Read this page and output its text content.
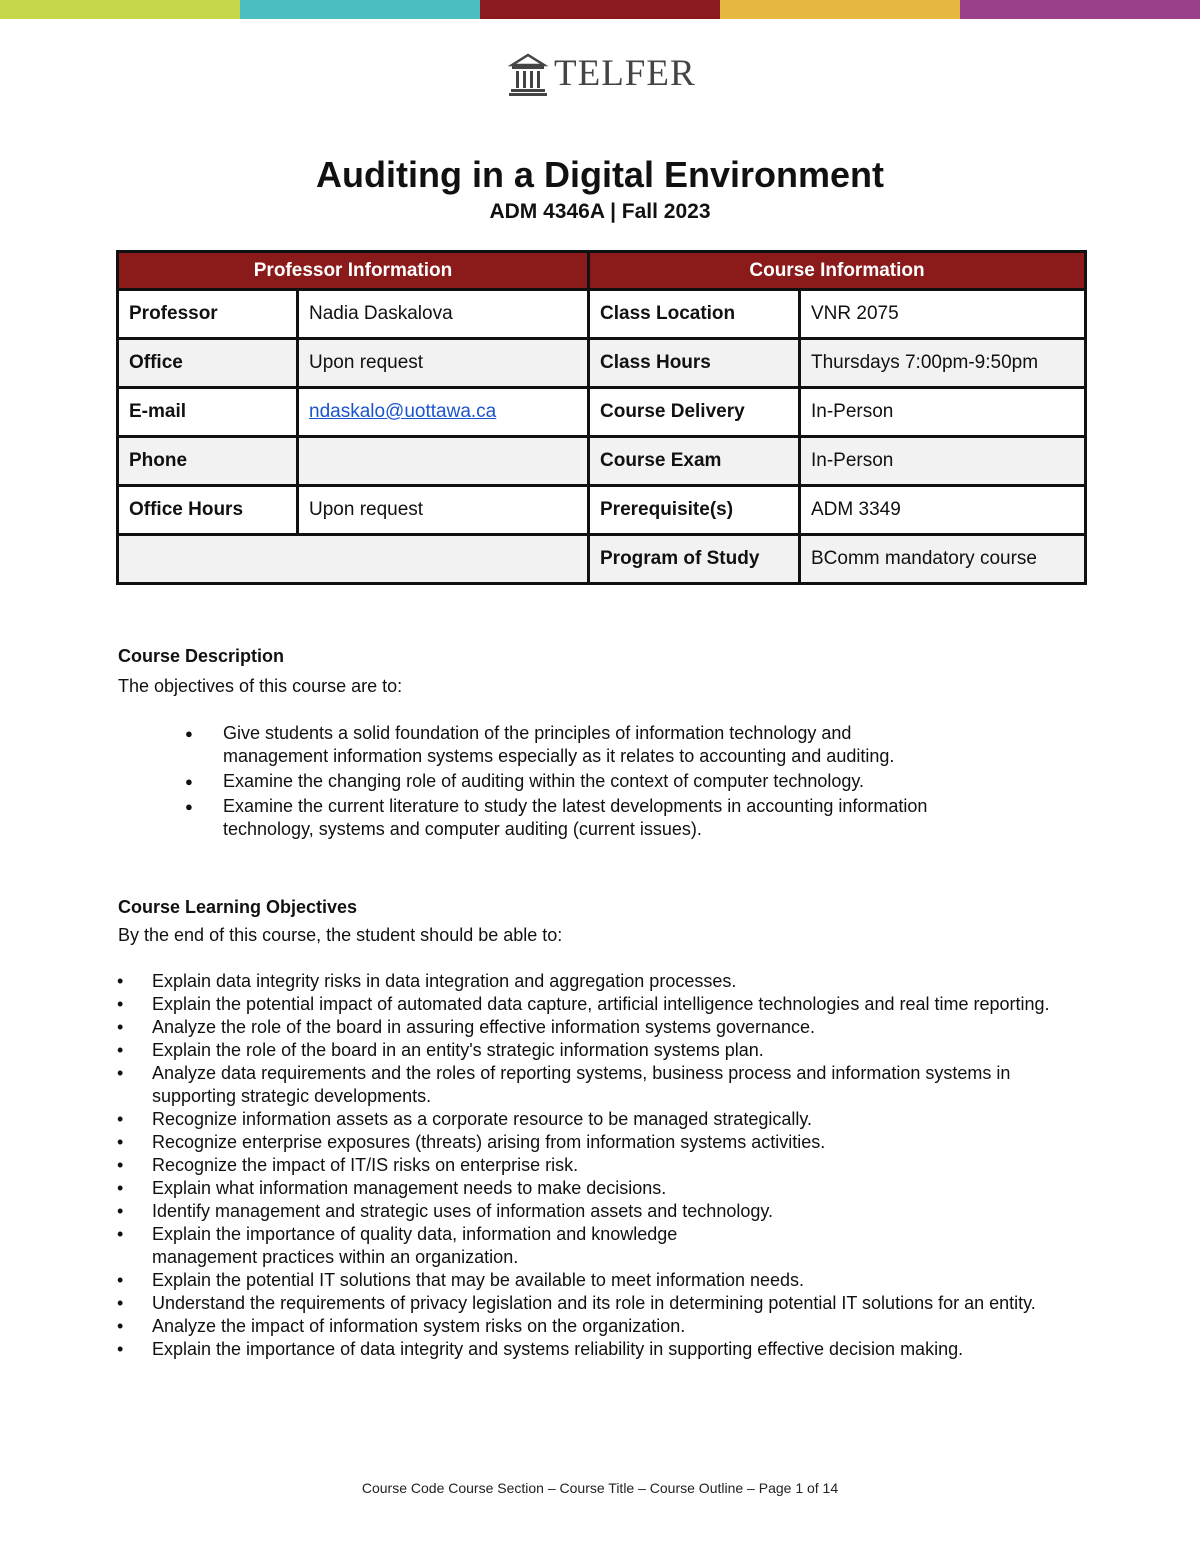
TELFER
Auditing in a Digital Environment
ADM 4346A | Fall 2023
Professor Information		Course Information	
Professor	Nadia Daskalova	Class Location	VNR 2075
Office	Upon request	Class Hours	Thursdays 7:00pm-9:50pm
E-mail	ndaskalo@uottawa.ca	Course Delivery	In-Person
Phone		Course Exam	In-Person
Office Hours	Upon request	Prerequisite(s)	ADM 3349
		Program of Study	BComm mandatory course
Course Description
The objectives of this course are to:
● Give students a solid foundation of the principles of information technology and management information systems especially as it relates to accounting and auditing.
● Examine the changing role of auditing within the context of computer technology.
● Examine the current literature to study the latest developments in accounting information technology, systems and computer auditing (current issues).
Course Learning Objectives
By the end of this course, the student should be able to:
• Explain data integrity risks in data integration and aggregation processes.
• Explain the potential impact of automated data capture, artificial intelligence technologies and real time reporting.
• Analyze the role of the board in assuring effective information systems governance.
• Explain the role of the board in an entity's strategic information systems plan.
• Analyze data requirements and the roles of reporting systems, business process and information systems in supporting strategic developments.
• Recognize information assets as a corporate resource to be managed strategically.
• Recognize enterprise exposures (threats) arising from information systems activities.
• Recognize the impact of IT/IS risks on enterprise risk.
• Explain what information management needs to make decisions.
• Identify management and strategic uses of information assets and technology.
• Explain the importance of quality data, information and knowledge management practices within an organization.
• Explain the potential IT solutions that may be available to meet information needs.
• Understand the requirements of privacy legislation and its role in determining potential IT solutions for an entity.
• Analyze the impact of information system risks on the organization.
• Explain the importance of data integrity and systems reliability in supporting effective decision making.
Course Code Course Section – Course Title – Course Outline – Page 1 of 14
